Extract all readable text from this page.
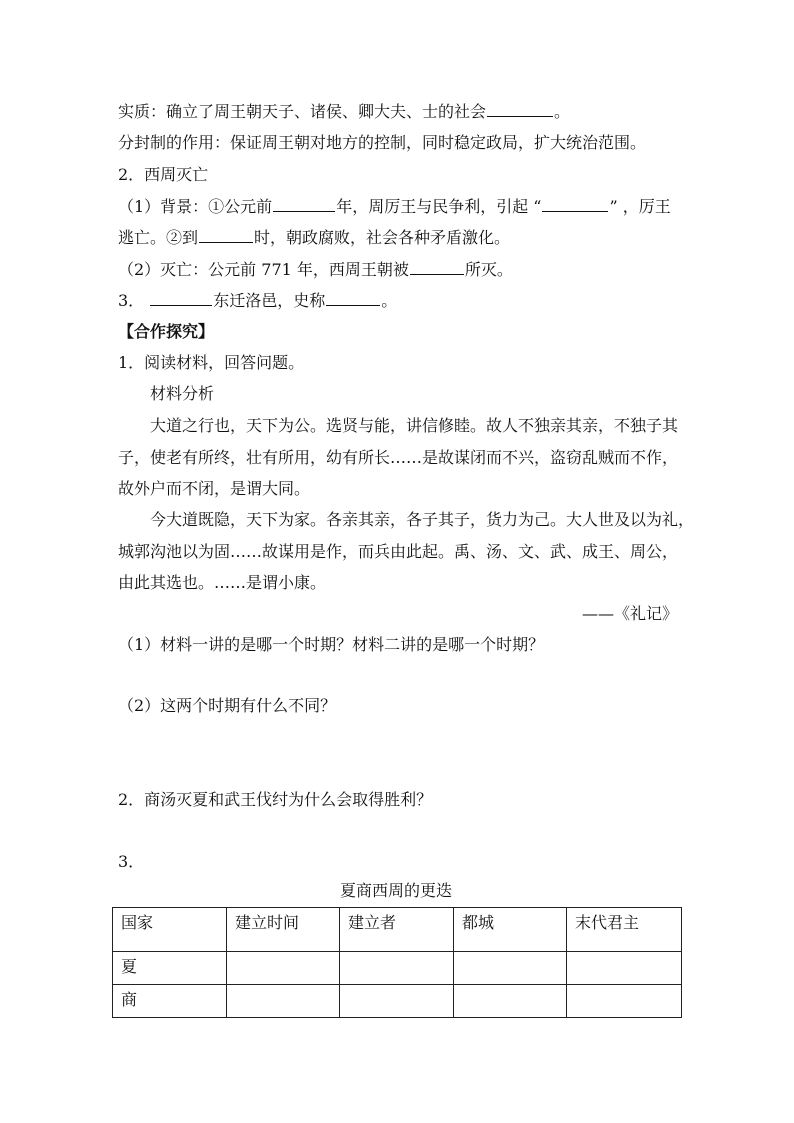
实质：确立了周王朝天子、诸侯、卿大夫、士的社会	。
分封制的作用：保证周王朝对地方的控制，同时稳定政局，扩大统治范围。
2．西周灭亡
（1）背景：①公元前	年，周厉王与民争利，引起 “	” ，厉王
逃亡。②到	时，朝政腐败，社会各种矛盾激化。
（2）灭亡：公元前 771 年，西周王朝被	所灭。
3．	东迁洛邑，史称	。
【合作探究】
1．阅读材料，回答问题。
材料分析
大道之行也，天下为公。选贤与能，讲信修睦。故人不独亲其亲，不独子其
子，使老有所终，壮有所用，幼有所长……是故谋闭而不兴，盗窃乱贼而不作，
故外户而不闭，是谓大同。
今大道既隐，天下为家。各亲其亲，各子其子，货力为己。大人世及以为礼，
城郭沟池以为固……故谋用是作，而兵由此起。禹、汤、文、武、成王、周公，
由此其选也。……是谓小康。
——《礼记》
（1）材料一讲的是哪一个时期？材料二讲的是哪一个时期？
（2）这两个时期有什么不同？
2．商汤灭夏和武王伐纣为什么会取得胜利？
3．
夏商西周的更迭
国家	建立时间	建立者	都城	末代君主
夏				
商				
